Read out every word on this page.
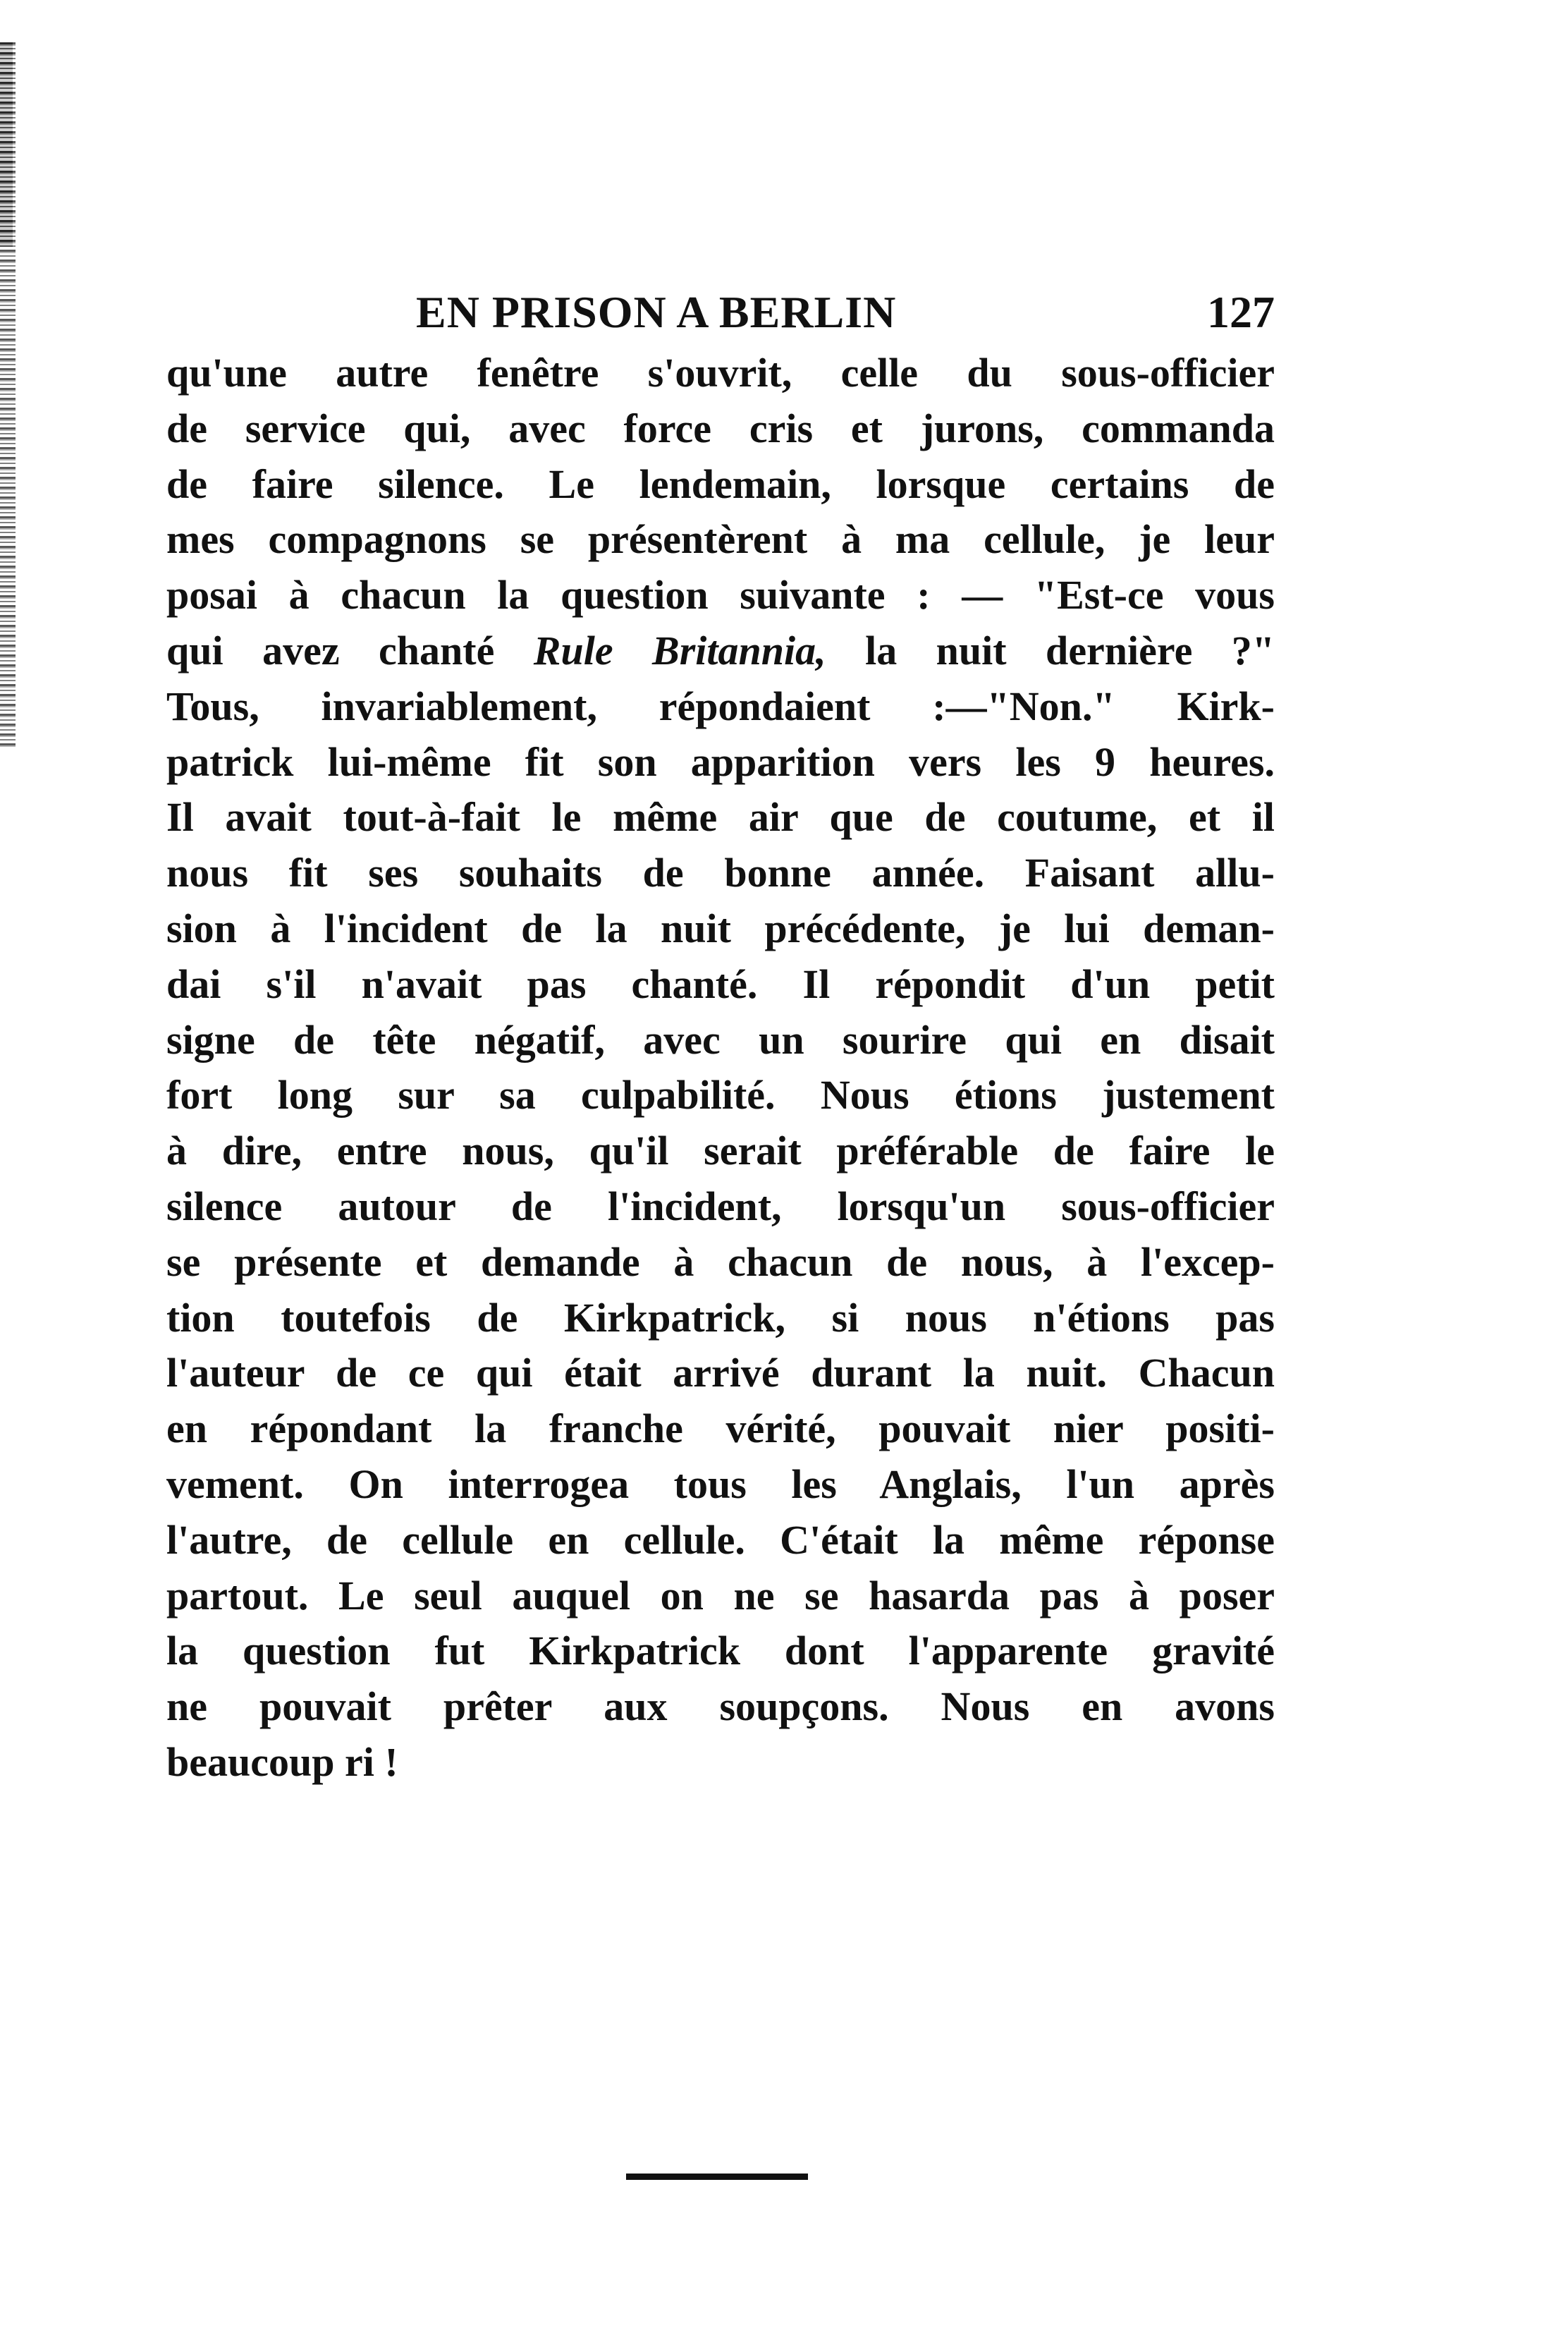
EN PRISON A BERLIN	127
qu'une autre fenêtre s'ouvrit, celle du sous-officier
de service qui, avec force cris et jurons, commanda
de faire silence. Le lendemain, lorsque certains de
mes compagnons se présentèrent à ma cellule, je leur
posai à chacun la question suivante : — "Est-ce vous
qui avez chanté Rule Britannia, la nuit dernière ?"
Tous, invariablement, répondaient :—"Non." Kirk-
patrick lui-même fit son apparition vers les 9 heures.
Il avait tout-à-fait le même air que de coutume, et il
nous fit ses souhaits de bonne année. Faisant allu-
sion à l'incident de la nuit précédente, je lui deman-
dai s'il n'avait pas chanté. Il répondit d'un petit
signe de tête négatif, avec un sourire qui en disait
fort long sur sa culpabilité. Nous étions justement
à dire, entre nous, qu'il serait préférable de faire le
silence autour de l'incident, lorsqu'un sous-officier
se présente et demande à chacun de nous, à l'excep-
tion toutefois de Kirkpatrick, si nous n'étions pas
l'auteur de ce qui était arrivé durant la nuit. Chacun
en répondant la franche vérité, pouvait nier positi-
vement. On interrogea tous les Anglais, l'un après
l'autre, de cellule en cellule. C'était la même réponse
partout. Le seul auquel on ne se hasarda pas à poser
la question fut Kirkpatrick dont l'apparente gravité
ne pouvait prêter aux soupçons. Nous en avons
beaucoup ri !
